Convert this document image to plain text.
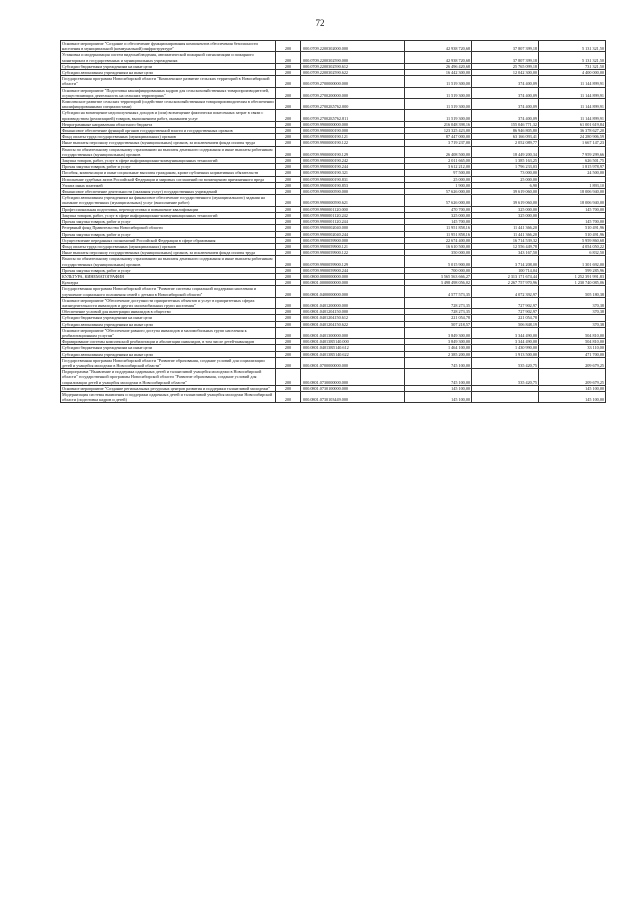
72
Основное мероприятие "Создание и обеспечение функционирования компонентов обеспечения безопасности населения в муниципальной (коммунальной) инфраструктуре"	200	000.0709.2200302000.000	42 938 720,68	37 807 399,18	5 131 321,50
Установка и модернизация систем видеонаблюдения, автоматической пожарной сигнализации и пожарного мониторинга в государственных и муниципальных учреждениях	200	000.0709.2200302590.000	42 938 720,68	37 807 399,18	5 131 321,50
Субсидии бюджетным учреждениям на иные цели	200	000.0709.2200302590.612	26 496 420,68	25 765 099,18	731 321,50
Субсидии автономным учреждениям на иные цели	200	000.0709.2200302590.622	16 442 300,00	12 042 300,00	4 400 000,00
Государственная программа Новосибирской области "Комплексное развитие сельских территорий в Новосибирской области"	200	000.0709.2700000000.000	11 519 300,00	374 400,09	11 144 899,91
Основное мероприятие "Подготовка квалифицированных кадров для сельскохозяйственных товаропроизводителей, осуществляющих деятельность на сельских территориях"	200	000.0709.2700200000.000	11 519 300,00	374 400,09	11 144 899,91
Комплексное развитие сельских территорий (содействие сельскохозяйственным товаропроизводителям в обеспечении квалифицированными специалистами)	200	000.0709.27002Б5762.000	11 519 300,00	374 400,09	11 144 899,91
Субсидии на возмещение недополученных доходов и (или) возмещение фактически понесенных затрат в связи с производством (реализацией) товаров, выполнением работ, оказанием услуг	200	000.0709.27002Б5762.811	11 519 300,00	374 400,09	11 144 899,91
Непрограммные направления областного бюджета	200	000.0709.9900000000.000	216 048 398,16	155 046 771,32	61 001 619,84
Финансовое обеспечение функций органов государственной власти и государственных органов	200	000.0709.9900000190.000	123 325 423,00	86 946 805,80	36 378 627,20
Фонд оплаты труда государственных (муниципальных) органов	200	000.0709.9900000190.121	87 447 000,00	63 166 093,41	24 280 906,59
Иные выплаты персоналу государственных (муниципальных) органов, за исключением фонда оплаты труда	200	000.0709.9900000190.122	3 719 237,00	2 052 089,77	1 667 147,23
Взносы по обязательному социальному страхованию на выплаты денежного содержания и иные выплаты работникам государственных (муниципальных) органов	200	000.0709.9900000190.129	26 408 500,00	18 449 200,34	7 959 299,66
Закупка товаров, работ, услуг в сфере информационно-коммуникационных технологий	200	000.0709.9900000190.242	2 011 665,00	1 385 163,25	626 501,75
Прочая закупка товаров, работ и услуг	200	000.0709.9900000190.244	3 612 212,00	1 796 233,03	1 815 978,97
Пособия, компенсации и иные социальные выплаты гражданам, кроме публичных нормативных обязательств	200	000.0709.9900000190.321	97 500,00	73 000,00	24 500,00
Исполнение судебных актов Российской Федерации и мировых соглашений по возмещению причиненного вреда	200	000.0709.9900000190.831	25 000,00	25 000,00	
Уплата иных платежей	200	000.0709.9900000190.853	1 900,00	6,90	1 893,10
Финансовое обеспечение деятельности (оказания услуг) государственных учреждений	200	000.0709.9900000590.000	57 626 000,00	39 619 060,00	18 006 940,00
Субсидии автономным учреждениям на финансовое обеспечение государственного (муниципального) задания на оказание государственных (муниципальных) услуг (выполнение работ)	200	000.0709.9900000590.621	57 626 000,00	39 619 060,00	18 006 940,00
Профессиональная подготовка, переподготовка и повышение квалификации	200	000.0709.9900001120.000	470 700,00	325 000,00	145 700,00
Закупка товаров, работ, услуг в сфере информационно-коммуникационных технологий	200	000.0709.9900001120.242	325 000,00	325 000,00	
Прочая закупка товаров, работ и услуг	200	000.0709.9900001120.244	145 700,00		145 700,00
Резервный фонд Правительства Новосибирской области	200	000.0709.9900002040.000	11 951 858,16	11 441 366,20	510 491,96
Прочая закупка товаров, работ и услуг	200	000.0709.9900002040.244	11 951 858,16	11 441 366,20	510 491,96
Осуществление переданных полномочий Российской Федерации в сфере образования	200	000.0709.9900059900.000	22 674 400,00	16 714 539,32	5 959 860,68
Фонд оплаты труда государственных (муниципальных) органов	200	000.0709.9900059900.121	16 610 500,00	12 556 449,78	4 054 050,22
Иные выплаты персоналу государственных (муниципальных) органов, за исключением фонда оплаты труда	200	000.0709.9900059900.122	350 000,00	343 167,50	6 832,50
Взносы по обязательному социальному страхованию на выплаты денежного содержания и иные выплаты работникам государственных (муниципальных) органов	200	000.0709.9900059900.129	5 015 900,00	3 714 208,00	1 301 692,00
Прочая закупка товаров, работ и услуг	200	000.0709.9900059900.244	700 000,00	100 714,04	599 285,96
КУЛЬТУРА, КИНЕМАТОГРАФИЯ	200	000.0800.0000000000.000	3 565 563 666,27	2 313 171 674,44	1 252 391 991,83
Культура	200	000.0801.0000000000.000	3 498 498 056,02	2 267 757 970,96	1 230 740 085,06
Государственная программа Новосибирской области "Развитие системы социальной поддержки населения и улучшение социального положения семей с детьми в Новосибирской области"	200	000.0801.0400000000.000	4 577 573,35	4 072 392,97	505 180,38
Основное мероприятие "Обеспечение доступности приоритетных объектов и услуг в приоритетных сферах жизнедеятельности инвалидов и других маломобильных групп населения"	200	000.0801.0401200000.000	728 273,35	727 902,97	370,38
Обеспечение условий для интеграции инвалидов в общество	200	000.0801.0401204150.000	728 273,35	727 902,97	370,38
Субсидии бюджетным учреждениям на иные цели	200	000.0801.0401204150.612	221 054,78	221 054,78	
Субсидии автономным учреждениям на иные цели	200	000.0801.0401204150.622	507 218,57	506 848,19	370,38
Основное мероприятие "Обеспечение равного доступа инвалидов и маломобильных групп населения к реабилитационным услугам"	200	000.0801.0401300000.000	3 849 300,00	3 344 490,00	504 810,00
Формирование системы комплексной реабилитации и абилитации инвалидов, в том числе детей-инвалидов	200	000.0801.04013R5140.000	3 849 300,00	3 344 490,00	504 810,00
Субсидии бюджетным учреждениям на иные цели	200	000.0801.04013R5140.612	1 464 100,00	1 430 990,00	33 110,00
Субсидии автономным учреждениям на иные цели	200	000.0801.04013R5140.622	2 385 200,00	1 913 500,00	471 700,00
Государственная программа Новосибирской области "Развитие образования, создание условий для социализации детей и учащейся молодежи в Новосибирской области"	200	000.0801.0700000000.000	745 100,00	535 420,75	209 679,25
Подпрограмма "Выявление и поддержка одаренных детей и талантливой учащейся молодежи в Новосибирской области" государственной программы Новосибирской области "Развитие образования, создание условий для социализации детей и учащейся молодежи в Новосибирской области"	200	000.0801.0730000000.000	745 100,00	535 420,75	209 679,25
Основное мероприятие "Создание региональных ресурсных центров развития и поддержки талантливой молодежи"	200	000.0801.0730100000.000	145 100,00		145 100,00
Модернизация системы выявления и поддержки одаренных детей и талантливой учащейся молодежи Новосибирской области (подготовка кадров и детей)	200	000.0801.0730103449.000	145 100,00		145 100,00
